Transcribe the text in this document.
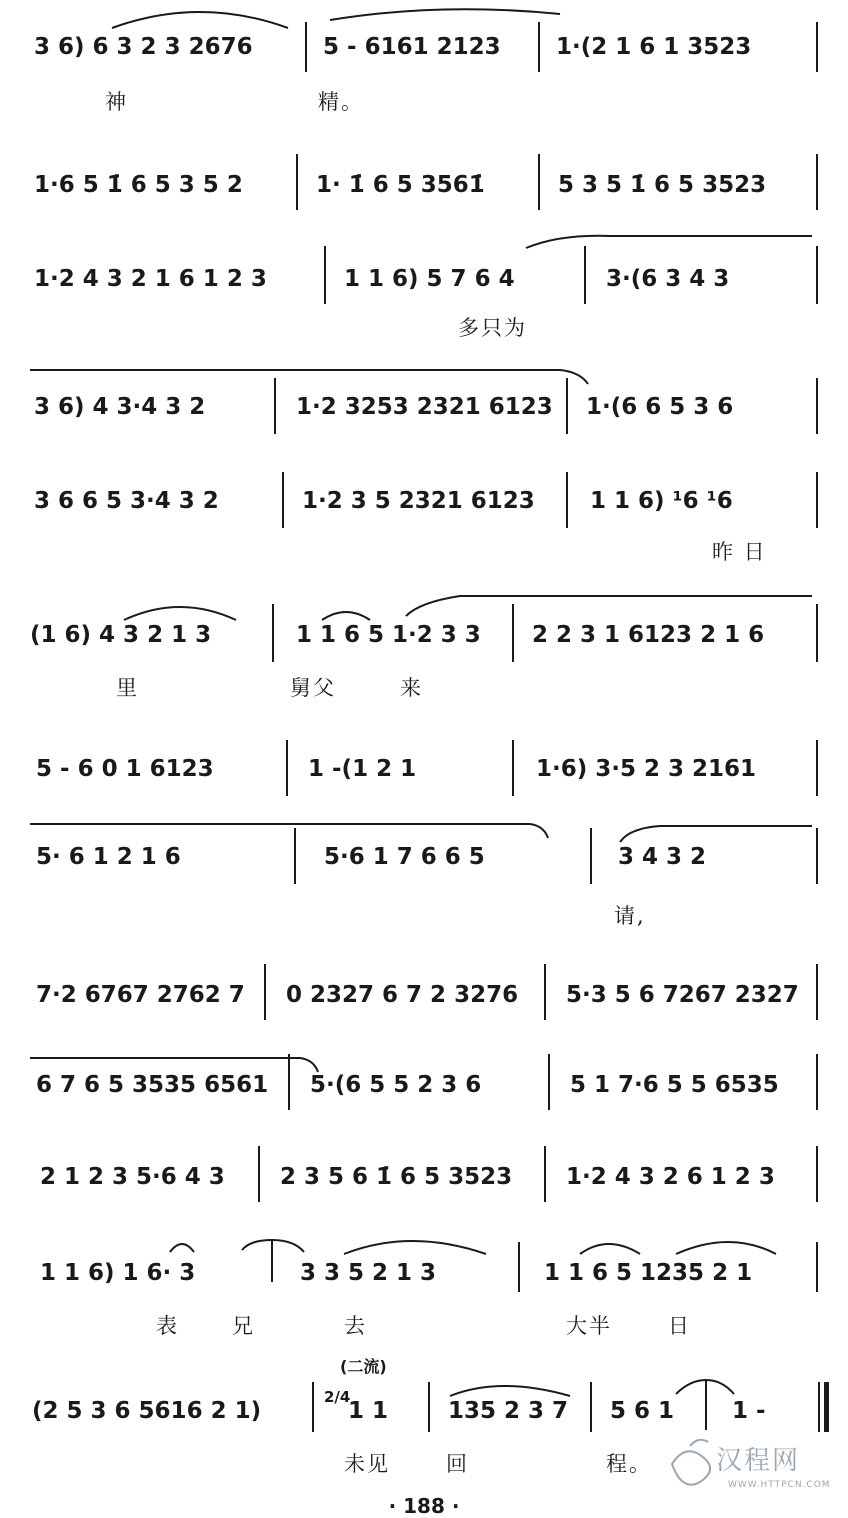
3 6) 6 3 2 3 2676	5 - 6161 2123 1·(2 1 6 1 3523
神	精。
1·6 5 1̇ 6 5 3 5 2	1· 1̇ 6 5 3561̇	5 3 5 1̇ 6 5 3523
1·2 4 3 2 1 6 1 2 3	1 1 6) 5 7 6 4	3·(6 3 4 3
多只为
3 6) 4 3·4 3 2	1·2 3253 2321 6123 1·(6 6 5 3 6
3 6 6 5 3·4 3 2	1·2 3 5 2321 6123 1 1 6) ¹6 ¹6
昨 日
(1 6) 4 3 2 1 3	1 1 6 5 1·2 3 3 2 2 3 1 6123 2 1 6
里	舅父	来
5 - 6 0 1 6123	1 -(1 2 1	1·6) 3·5 2 3 2161
5· 6 1 2 1 6	5·6 1 7 6 6 5	3 4 3 2
请,
7·2 6767 2762 7 0 2327 6 7 2 3276 5·3 5 6 7267 2327
6 7 6 5 3535 6561 5·(6 5 5 2 3 6	5 1 7·6 5 5 6535
2 1 2 3 5·6 4 3 2 3 5 6 1̇ 6 5 3523 1·2 4 3 2 6 1 2 3
1 1 6) 1 6· 3	3 3 5 2 1 3	1 1 6 5 1235 2 1
表	兄	去	大半	日
(二流)
(2 5 3 6 5616 2 1)	1 1	135 2 3 7 5 6 1	1 -
2/4
未见	回	程。
· 188 ·
汉程网
WWW.HTTPCN.COM
